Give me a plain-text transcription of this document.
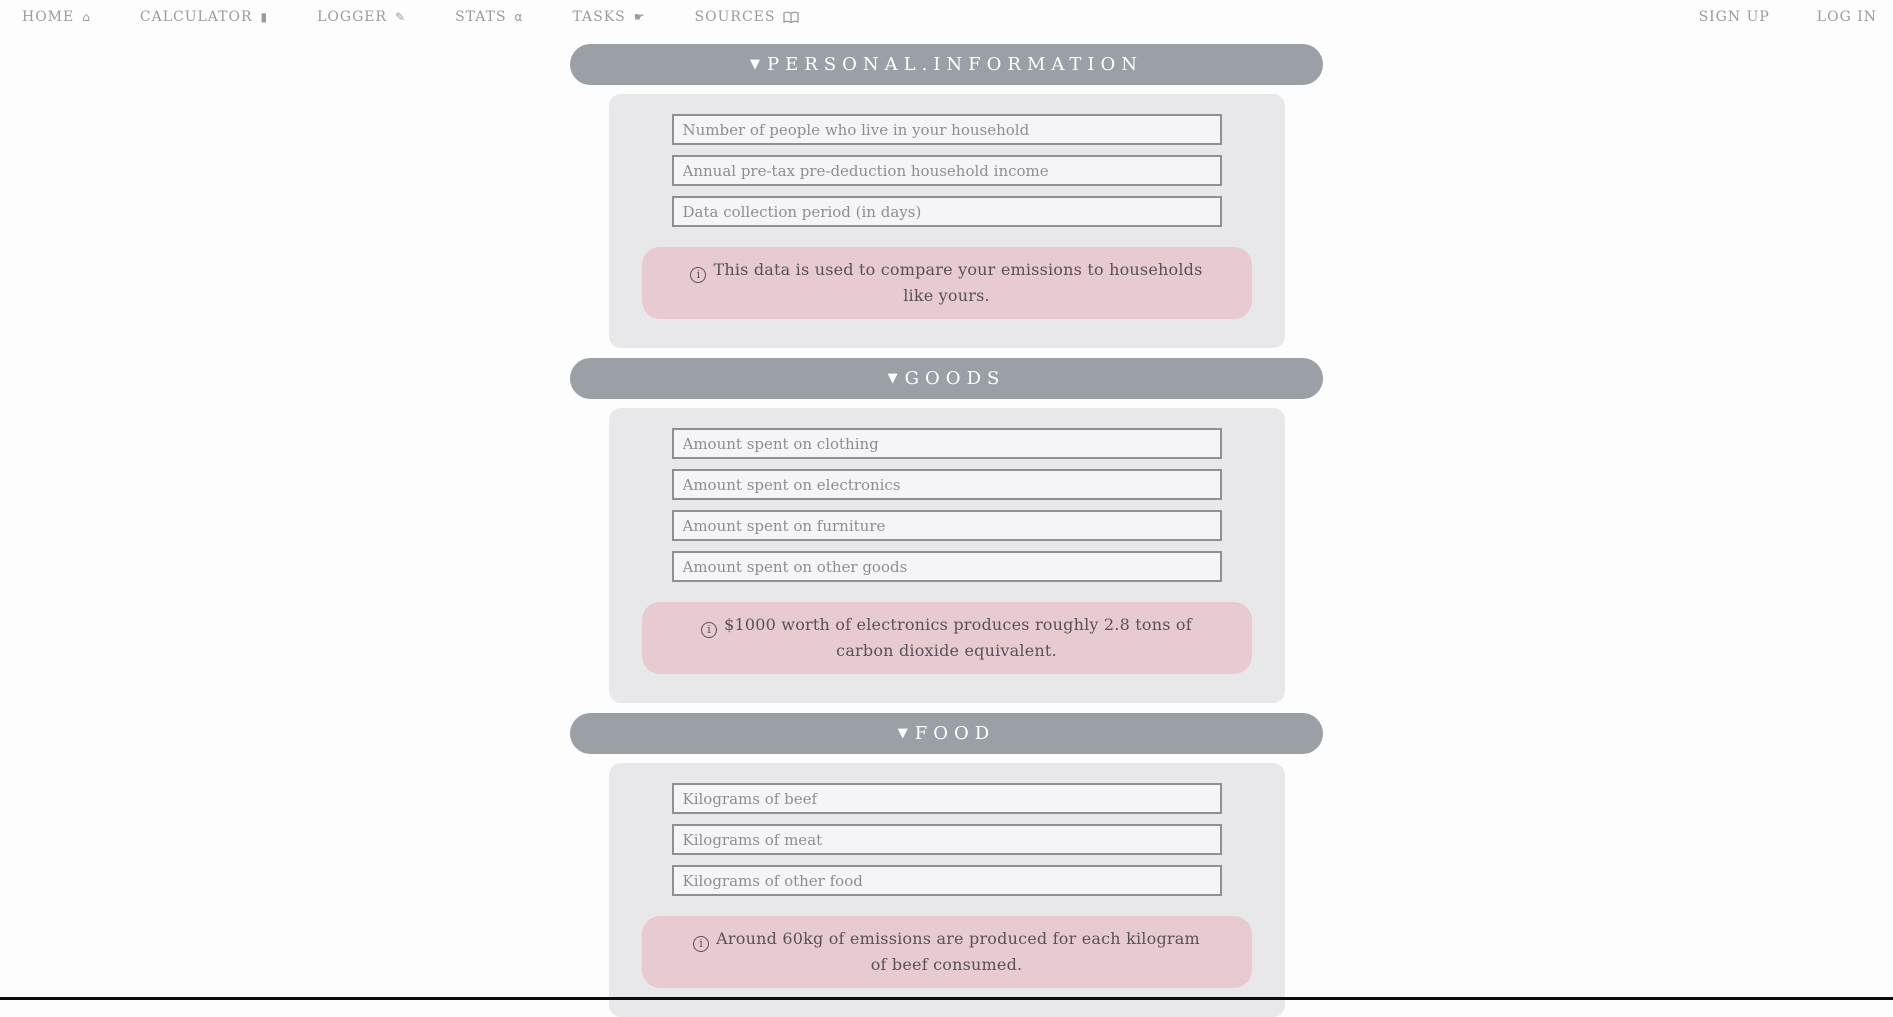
HOME ⌂	CALCULATOR ▮	LOGGER ✎	STATS α	TASKS ☛	SOURCES	SIGN UP	LOG IN
▼ PERSONAL.INFORMATION
Number of people who live in your household
Annual pre-tax pre-deduction household income
Data collection period (in days)
i This data is used to compare your emissions to households like yours.
▼ GOODS
Amount spent on clothing
Amount spent on electronics
Amount spent on furniture
Amount spent on other goods
i $1000 worth of electronics produces roughly 2.8 tons of carbon dioxide equivalent.
▼ FOOD
Kilograms of beef
Kilograms of meat
Kilograms of other food
i Around 60kg of emissions are produced for each kilogram of beef consumed.
